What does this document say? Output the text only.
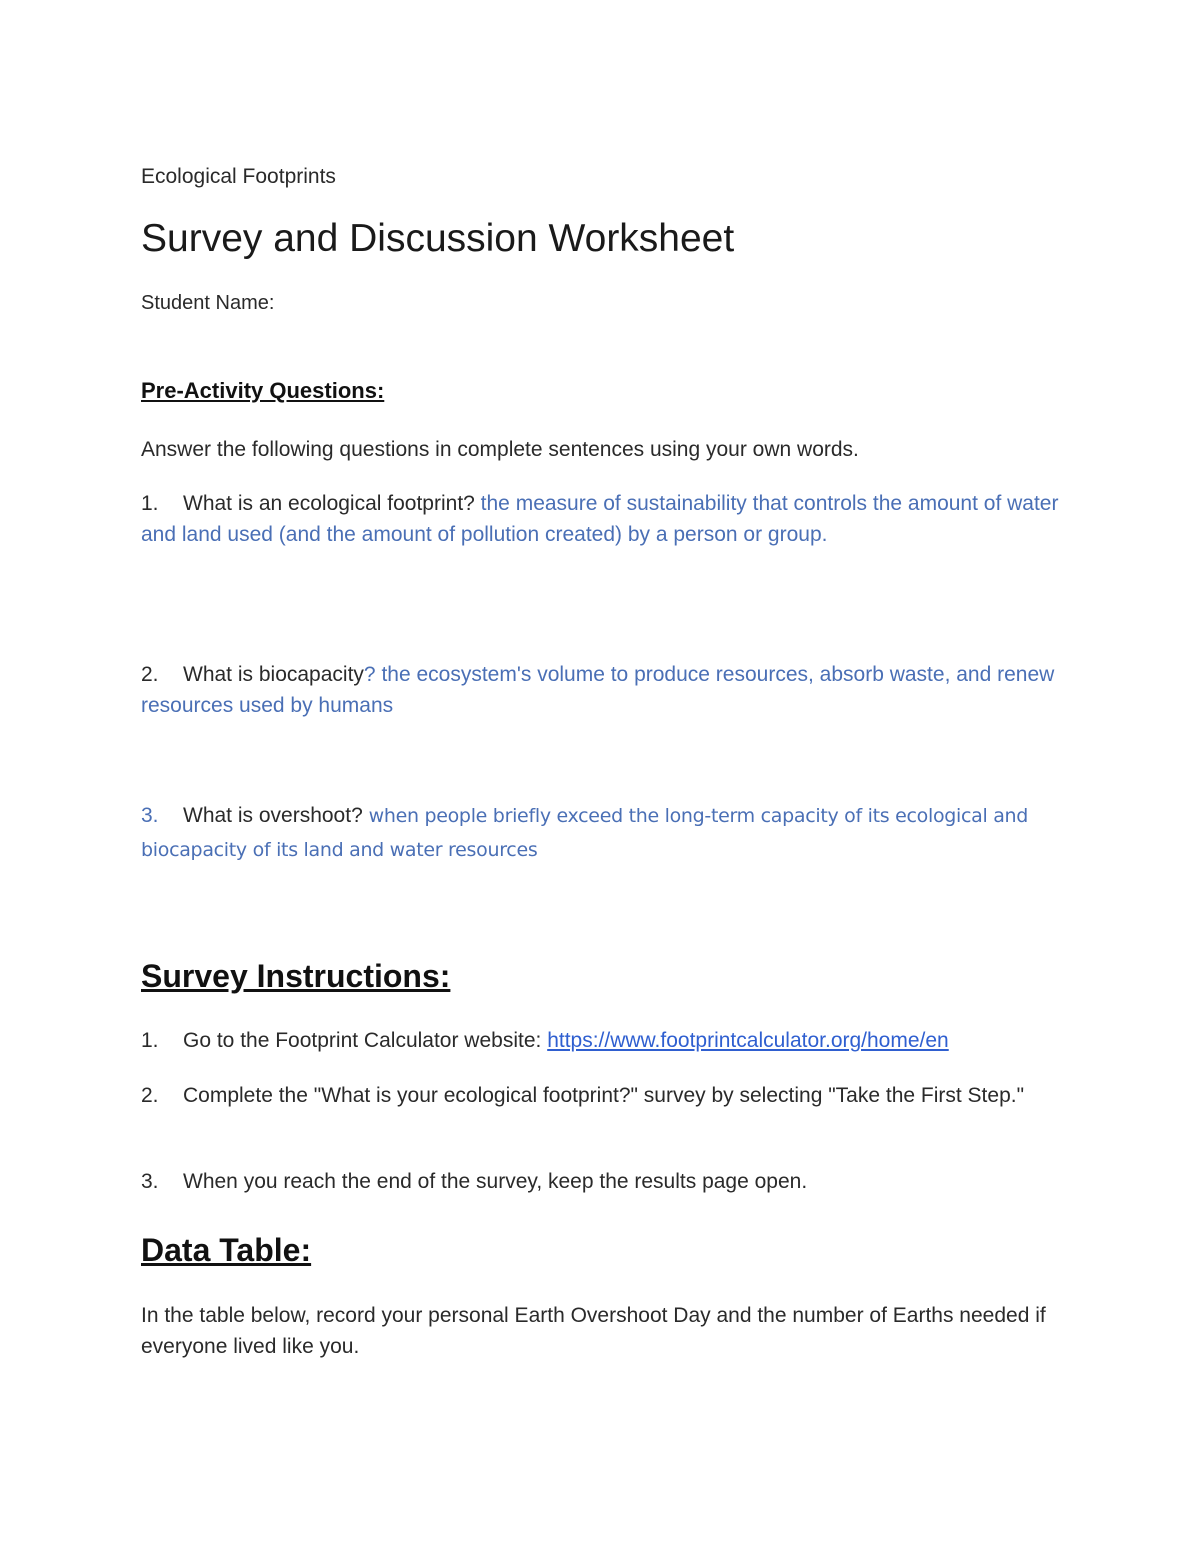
Ecological Footprints
Survey and Discussion Worksheet
Student Name:
Pre-Activity Questions:
Answer the following questions in complete sentences using your own words.
1. What is an ecological footprint? the measure of sustainability that controls the amount of water and land used (and the amount of pollution created) by a person or group.
2. What is biocapacity? the ecosystem's volume to produce resources, absorb waste, and renew resources used by humans
3. What is overshoot? when people briefly exceed the long-term capacity of its ecological and biocapacity of its land and water resources
Survey Instructions:
1. Go to the Footprint Calculator website: https://www.footprintcalculator.org/home/en
2. Complete the "What is your ecological footprint?" survey by selecting "Take the First Step."
3. When you reach the end of the survey, keep the results page open.
Data Table:
In the table below, record your personal Earth Overshoot Day and the number of Earths needed if everyone lived like you.
